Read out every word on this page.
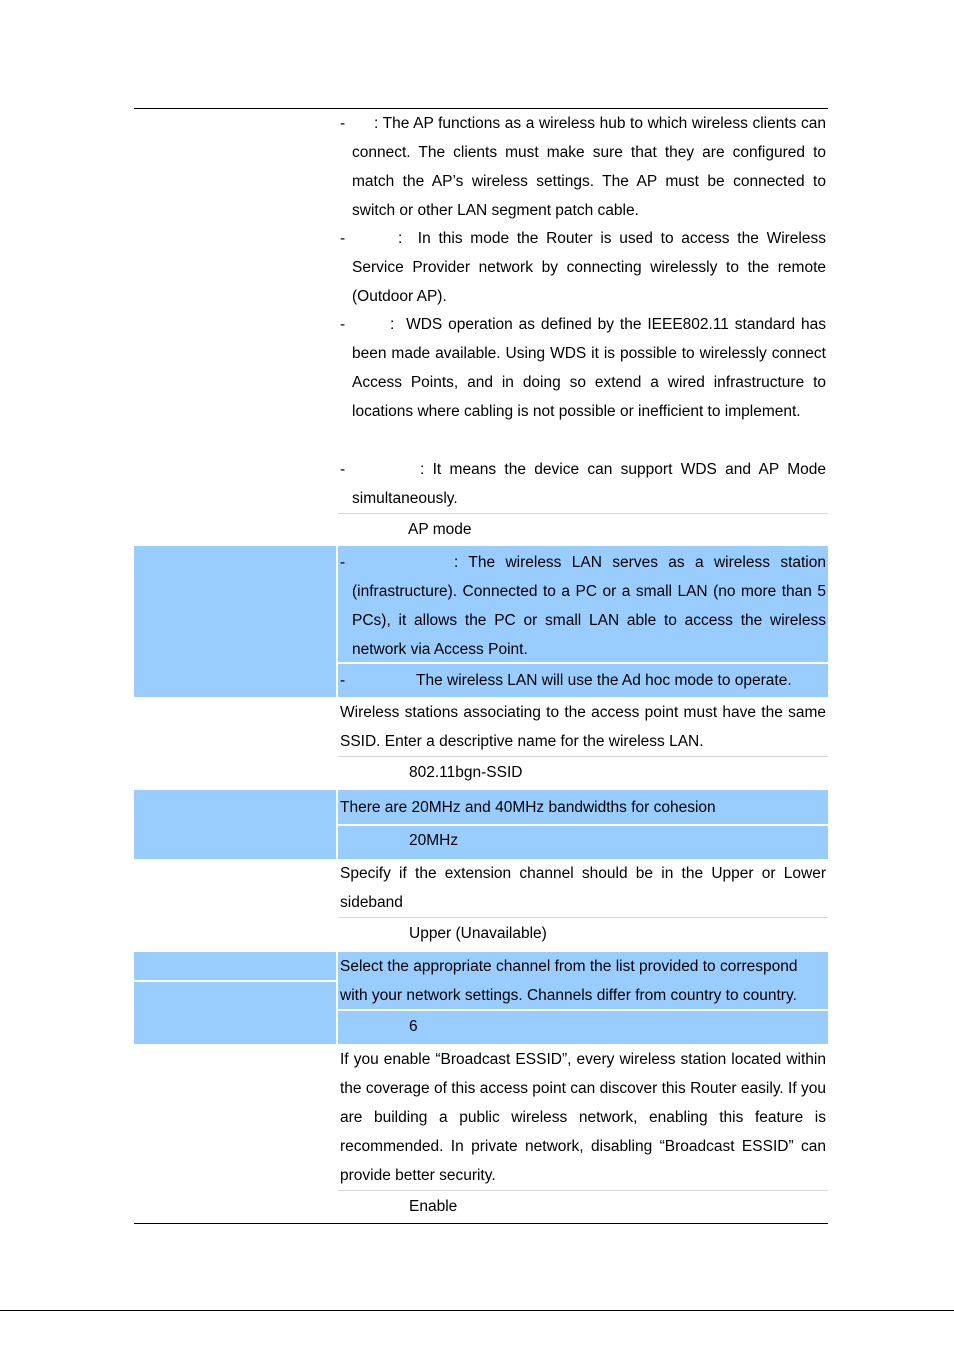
-	: The AP functions as a wireless hub to which wireless clients can connect. The clients must make sure that they are configured to match the AP’s wireless settings. The AP must be connected to switch or other LAN segment patch cable.
-	:  In this mode the Router is used to access the Wireless Service Provider network by connecting wirelessly to the remote (Outdoor AP).
-	:  WDS operation as defined by the IEEE802.11 standard has been made available. Using WDS it is possible to wirelessly connect Access Points, and in doing so extend a wired infrastructure to locations where cabling is not possible or inefficient to implement.
-	: It means the device can support WDS and AP Mode simultaneously.
AP mode
-	: The wireless LAN serves as a wireless station (infrastructure). Connected to a PC or a small LAN (no more than 5 PCs), it allows the PC or small LAN able to access the wireless network via Access Point.
-	The wireless LAN will use the Ad hoc mode to operate.
Wireless stations associating to the access point must have the same SSID. Enter a descriptive name for the wireless LAN.
802.11bgn-SSID
There are 20MHz and 40MHz bandwidths for cohesion
20MHz
Specify if the extension channel should be in the Upper or Lower sideband
Upper (Unavailable)
Select the appropriate channel from the list provided to correspond with your network settings. Channels differ from country to country.
6
If you enable “Broadcast ESSID”, every wireless station located within the coverage of this access point can discover this Router easily. If you are building a public wireless network, enabling this feature is recommended. In private network, disabling “Broadcast ESSID” can provide better security.
Enable
